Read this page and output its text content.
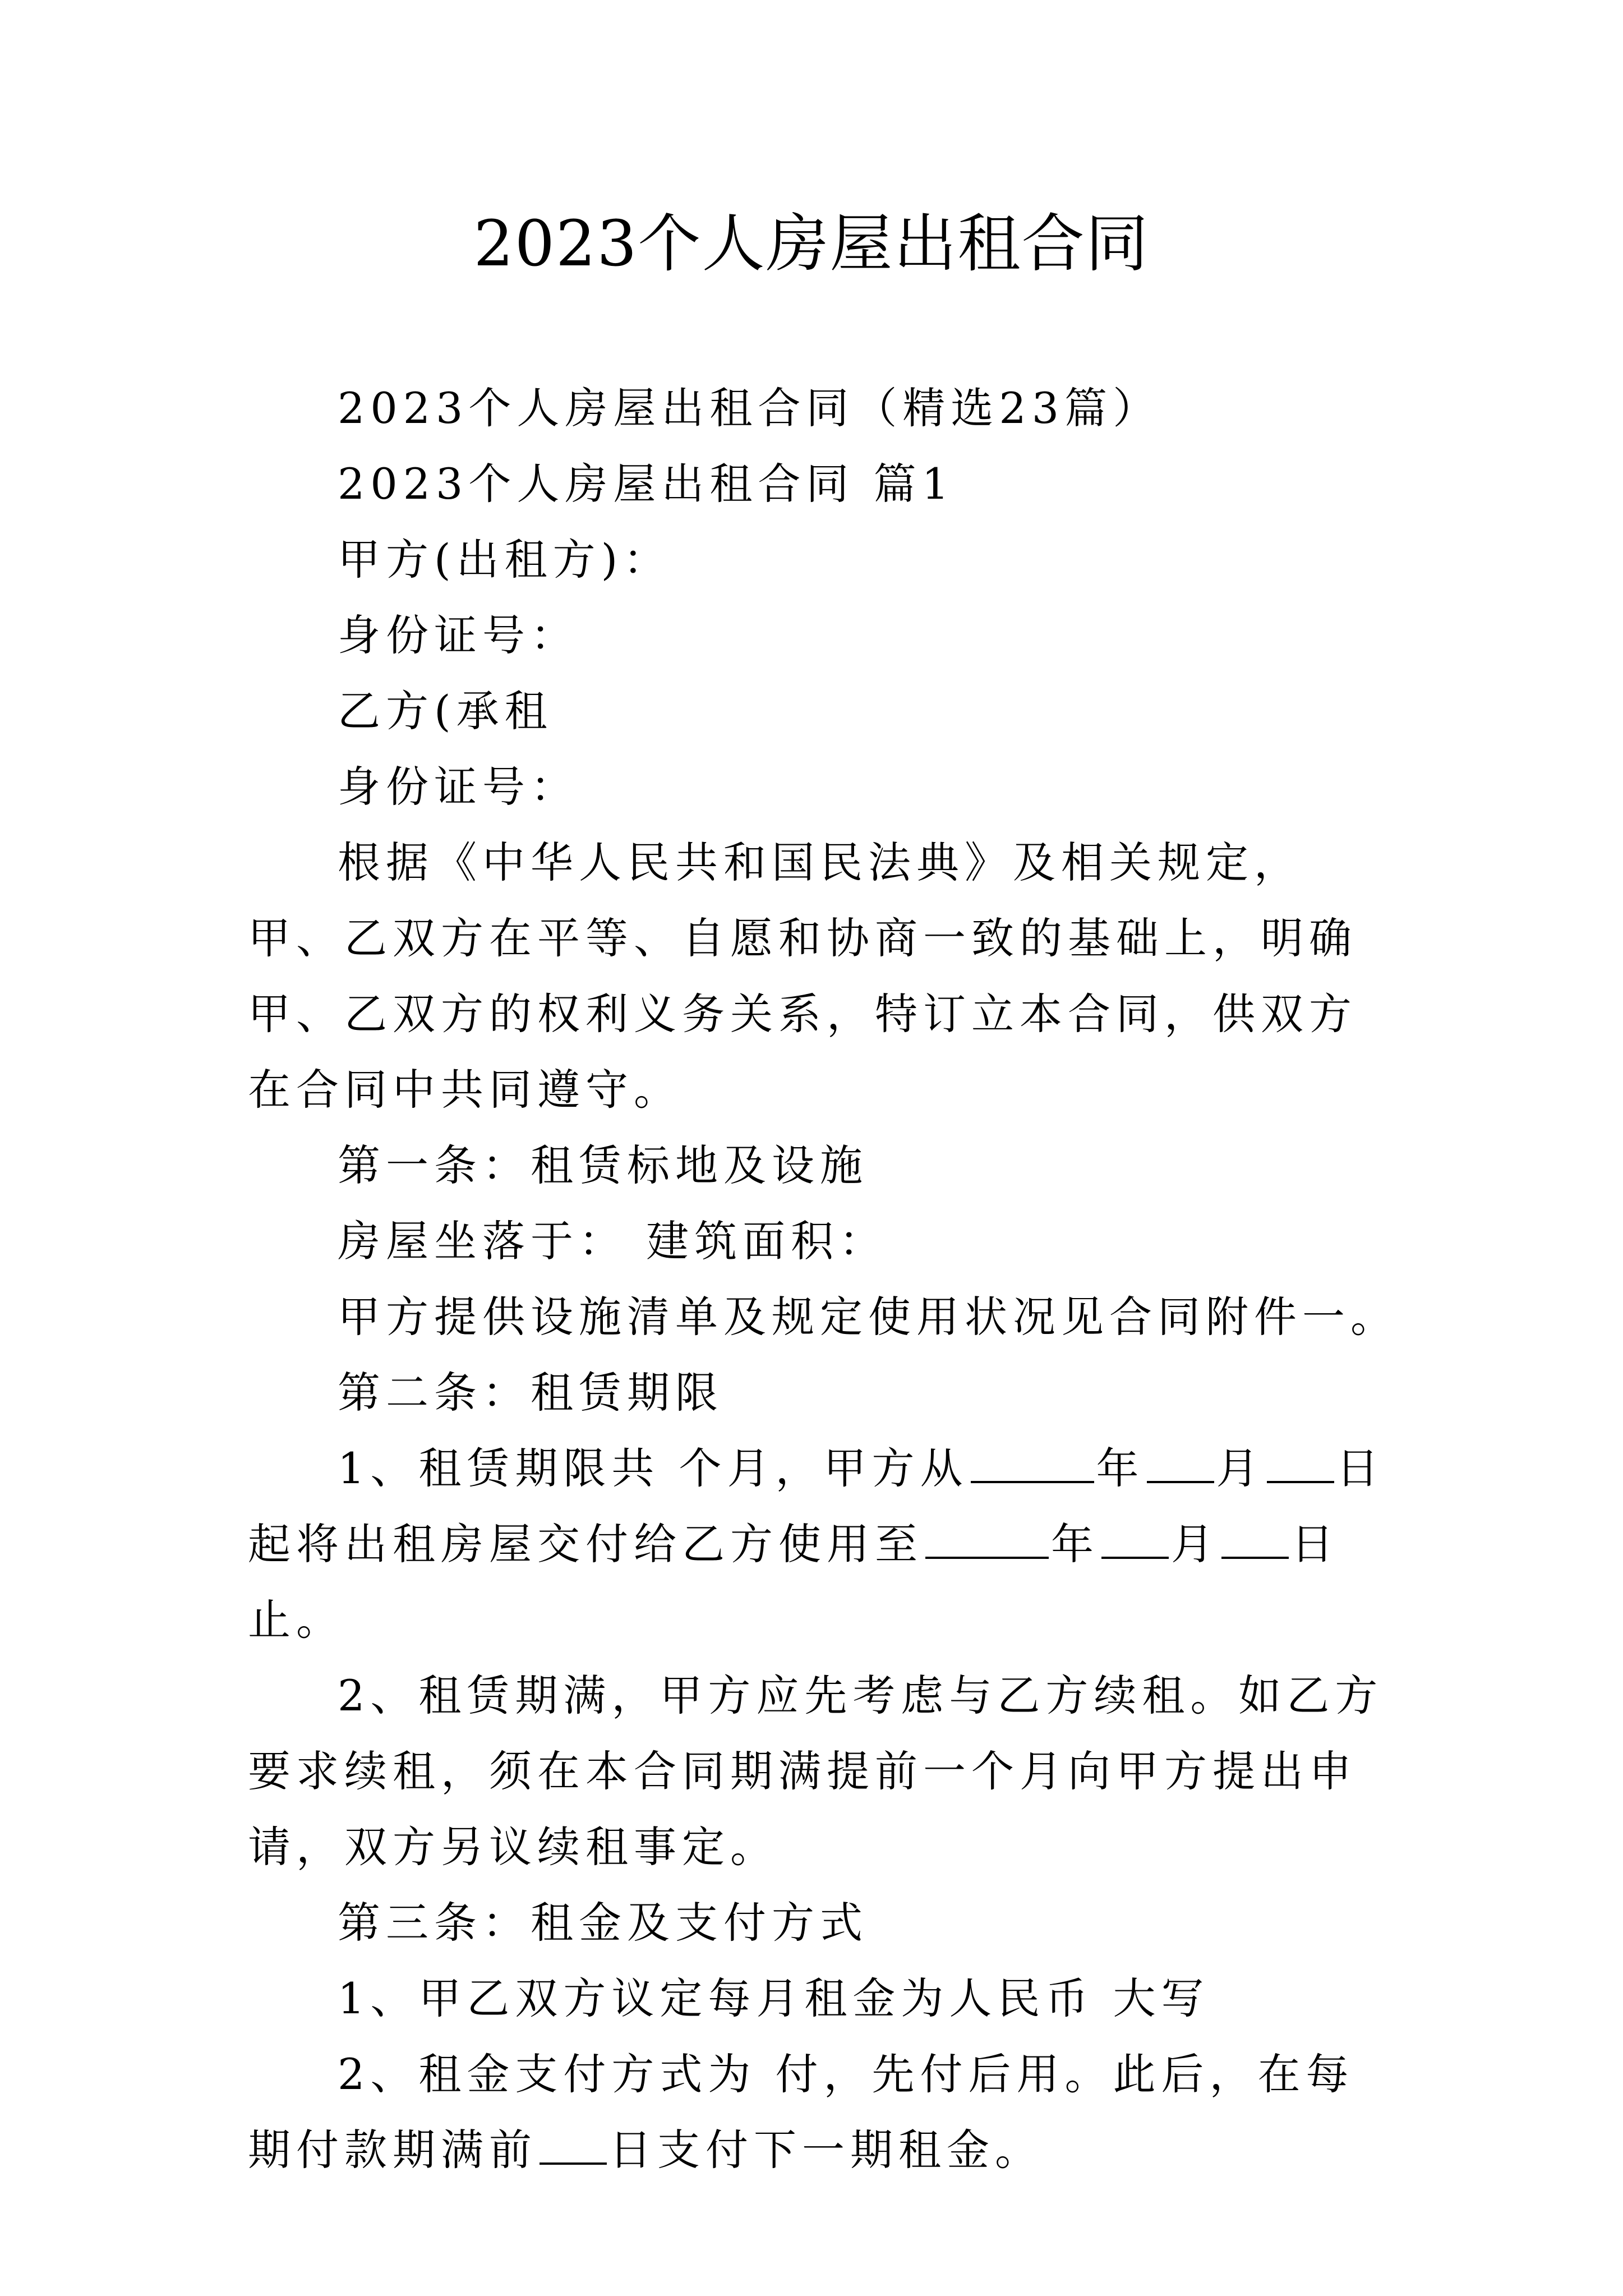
2023个人房屋出租合同

2023个人房屋出租合同（精选23篇）

2023个人房屋出租合同 篇1

甲方(出租方)：

身份证号：

乙方(承租

身份证号：

根据《中华人民共和国民法典》及相关规定，甲、乙双方在平等、自愿和协商一致的基础上，明确甲、乙双方的权利义务关系，特订立本合同，供双方在合同中共同遵守。

第一条：租赁标地及设施

房屋坐落于： 建筑面积：

甲方提供设施清单及规定使用状况见合同附件一。

第二条：租赁期限

1、租赁期限共 个月，甲方从	年 月 日起将出租房屋交付给乙方使用至	年 月 日止。

2、租赁期满，甲方应先考虑与乙方续租。如乙方要求续租，须在本合同期满提前一个月向甲方提出申请，双方另议续租事定。

第三条：租金及支付方式

1、甲乙双方议定每月租金为人民币 大写

2、租金支付方式为 付，先付后用。此后，在每期付款期满前 日支付下一期租金。
